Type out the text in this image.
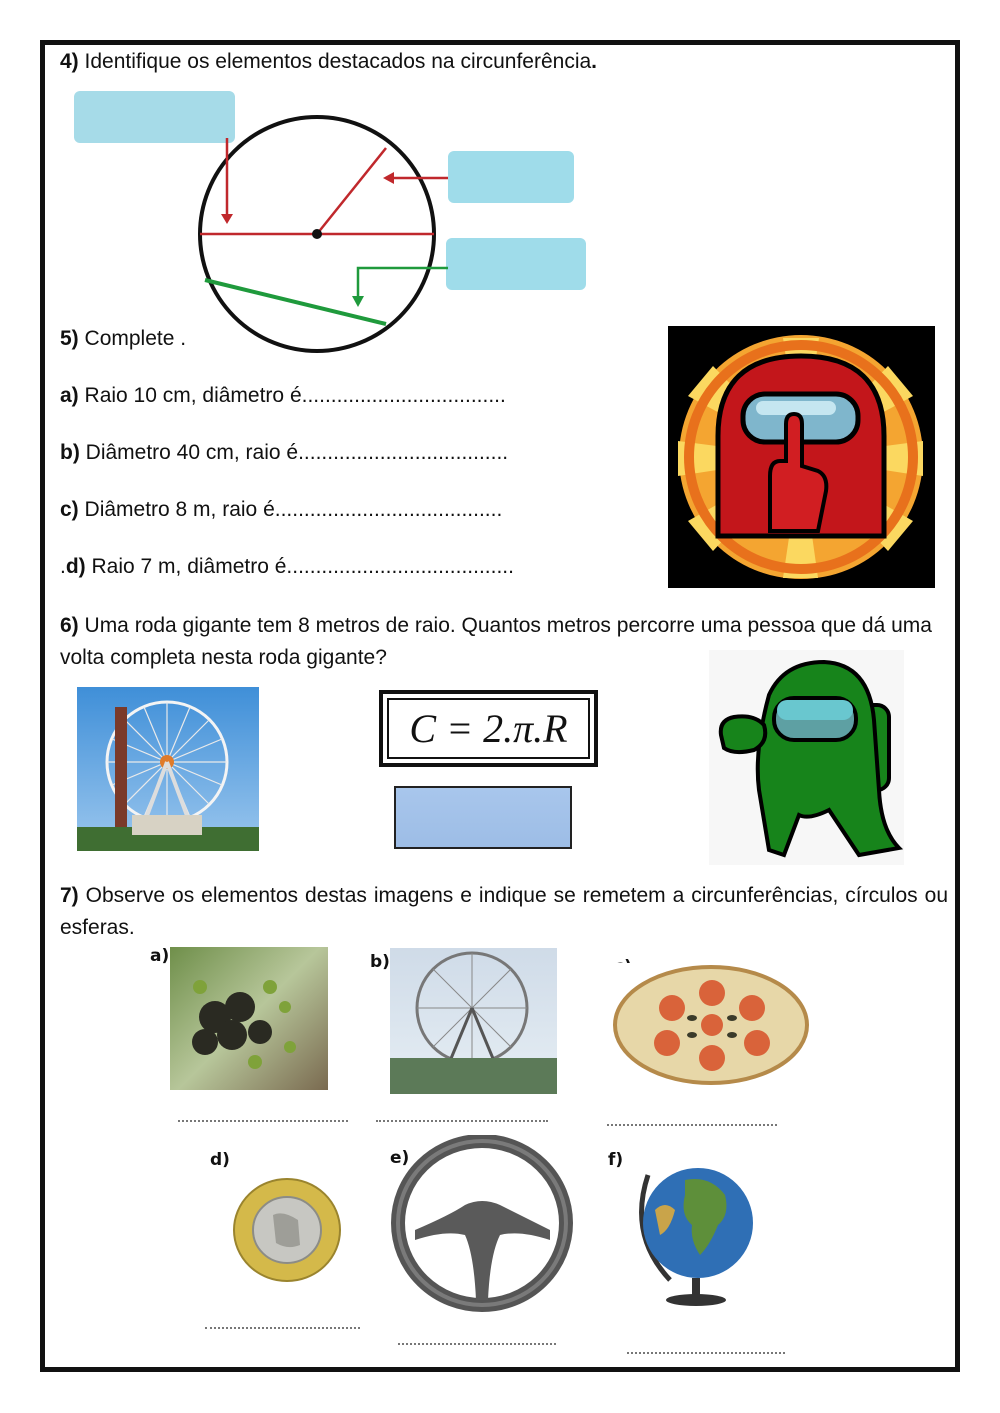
4) Identifique os elementos destacados na circunferência.
5) Complete .
a) Raio 10 cm, diâmetro é...................................
b) Diâmetro 40 cm, raio é....................................
c) Diâmetro 8 m, raio é.......................................
.d) Raio 7 m, diâmetro é.......................................
6) Uma roda gigante tem 8 metros de raio. Quantos metros percorre uma pessoa que dá uma volta completa nesta roda gigante?
C = 2.π.R
7) Observe os elementos destas imagens e indique se remetem a circunferências, círculos ou esferas.
a)	b)
d)	e)	f)
